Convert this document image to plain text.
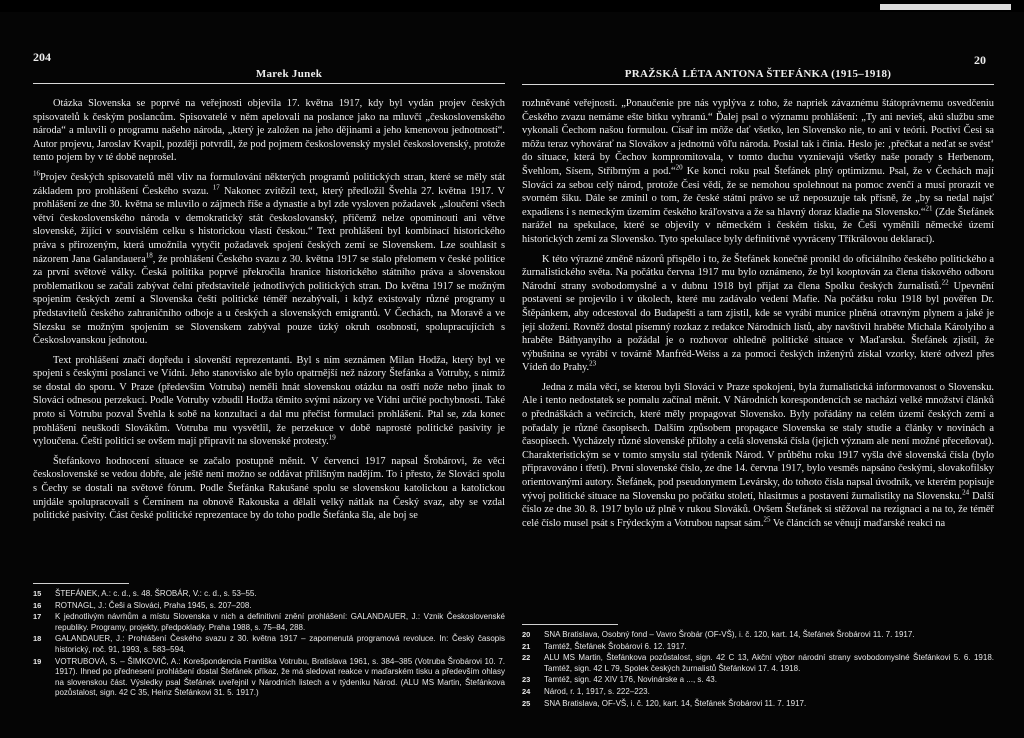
204
Marek Junek

Otázka Slovenska se poprvé na veřejnosti objevila 17. května 1917, kdy byl vydán projev českých spisovatelů k českým poslancům. Spisovatelé v něm apelovali na poslance jako na mluvčí „československého národa“ a mluvili o programu našeho národa, „který je založen na jeho dějinami a jeho kmenovou jednotností“. Autor projevu, Jaroslav Kvapil, později potvrdil, že pod pojmem československý myslel československý, protože tento pojem by v té době neprošel.

$^{16}$Projev českých spisovatelů měl vliv na formulování některých programů politických stran, které se měly stát základem pro prohlášení Českého svazu. $^{17}$ Nakonec zvítězil text, který předložil Švehla 27. května 1917. V prohlášení ze dne 30. května se mluvilo o zájmech říše a dynastie a byl zde vysloven požadavek „sloučení všech větví československého národa v demokratický stát českoslovanský, přičemž nelze opominouti ani větve slovenské, žijící v souvislém celku s historickou vlastí českou.“ Text prohlášení byl kombinací historického práva s přirozeným, která umožnila vytyčit požadavek spojení českých zemí se Slovenskem. Lze souhlasit s názorem Jana Galandauera$^{18}$, že prohlášení Českého svazu z 30. května 1917 se stalo přelomem v české politice za první světové války. Česká politika poprvé překročila hranice historického státního práva a slovenskou problematikou se začali zabývat čelní představitelé jednotlivých politických stran. Do května 1917 se možným spojením českých zemí a Slovenska čeští politické téměř nezabývali, i když existovaly různé programy u představitelů českého zahraničního odboje a u českých a slovenských emigrantů. V Čechách, na Moravě a ve Slezsku se možným spojením se Slovenskem zabýval pouze úzký okruh osobností, spolupracujících s Českoslovanskou jednotou.

Text prohlášení značí dopředu i slovenští reprezentanti. Byl s ním seznámen Milan Hodža, který byl ve spojení s českými poslanci ve Vídni. Jeho stanovisko ale bylo opatrnější než názory Štefánka a Votruby, s nimiž se dostal do sporu. V Praze (především Votruba) neměli hnát slovenskou otázku na ostří nože nebo jinak to Slováci odnesou perzekucí. Podle Votruby vzbudil Hodža těmito svými názory ve Vídni určité pochybnosti. Také proto si Votrubu pozval Švehla k sobě na konzultaci a dal mu přečíst formulaci prohlášení. Ptal se, zda konec prohlášení neuškodí Slovákům. Votruba mu vysvětlil, že perzekuce v době naprosté politické pasivity je vyloučena. Čeští politici se ovšem mají připravit na slovenské protesty.$^{19}$

Štefánkovo hodnocení situace se začalo postupně měnit. V červenci 1917 napsal Šrobárovi, že věci československé se vedou dobře, ale ještě není možno se oddávat přílišným nadějím. To i přesto, že Slováci spolu s Čechy se dostali na světové fórum. Podle Štefánka Rakušané spolu se slovenskou katolickou a katolickou unjdále spolupracovali s Černínem na obnově Rakouska a dělali velký nátlak na Český svaz, aby se vzdal politické pasivity. Část české politické reprezentace by do toho podle Štefánka šla, ale boj se

15	ŠTEFÁNEK, A.: c. d., s. 48. ŠROBÁR, V.: c. d., s. 53–55.
16	ROTNAGL, J.: Češi a Slováci, Praha 1945, s. 207–208.
17	K jednotlivým návrhům a místu Slovenska v nich a definitivní znění prohlášení: GALANDAUER, J.: Vznik Československé republiky. Programy, projekty, předpoklady. Praha 1988, s. 75–84, 288.
18	GALANDAUER, J.: Prohlášení Českého svazu z 30. května 1917 – zapomenutá programová revoluce. In: Český časopis historický, roč. 91, 1993, s. 583–594.
19	VOTRUBOVÁ, S. – ŠIMKOVIČ, A.: Korešpondencia Františka Votrubu, Bratislava 1961, s. 384–385 (Votruba Šrobárovi 10. 7. 1917). Ihned po přednesení prohlášení dostal Štefánek příkaz, že má sledovat reakce v maďarském tisku a především ohlasy na slovenskou část. Výsledky psal Štefánek uveřejnil v Národních listech a v týdeníku Národ. (ALU MS Martin, Štefánkova pozůstalost, sign. 42 C 35, Heinz Štefánkovi 31. 5. 1917.)
20
PRAŽSKÁ LÉTA ANTONA ŠTEFÁNKA (1915–1918)

rozhněvané veřejnosti. „Ponaučenie pre nás vyplýva z toho, že napriek závaznému štátoprávnemu osvedčeniu Českého zvazu nemáme ešte bitku vyhranú.“ Ďalej psal o významu prohlášení: „Ty ani nevieš, akú službu sme vykonali Čechom našou formulou. Císař im môže dať všetko, len Slovensko nie, to ani v teórii. Poctiví Česi sa môžu teraz vyhovárať na Slovákov a jednotnú vôľu národa. Posial tak i činia. Heslo je: ‚přečkat a neďat se svést‘ do situace, která by Čechov kompromitovala, v tomto duchu vyznievajú všetky naše porady s Herbenom, Švehlom, Sísem, Stříbrným a pod.“$^{20}$ Ke konci roku psal Štefánek plný optimizmu. Psal, že v Čechách mají Slováci za sebou celý národ, protože Česi vědí, že se nemohou spolehnout na pomoc zvenčí a musí prorazit ve svorném šiku. Dále se zmínil o tom, že české státní právo se už neposuzuje tak přísně, že „by sa nedal najsť expadiens i s nemeckým územím českého kráľovstva a že sa hlavný doraz kladie na Slovensko.“$^{21}$ (Zde Štefánek narážel na spekulace, které se objevily v německém i českém tisku, že Češi vyměnili německé území historických zemí za Slovensko. Tyto spekulace byly definitivně vyvráceny Tříkrálovou deklarací).

K této výrazné změně názorů přispělo i to, že Štefánek konečně pronikl do oficiálního českého politického a žurnalistického světa. Na počátku června 1917 mu bylo oznámeno, že byl kooptován za člena tiskového odboru Národní strany svobodomyslné a v dubnu 1918 byl přijat za člena Spolku českých žurnalistů.$^{22}$ Upevnění postavení se projevilo i v úkolech, které mu zadávalo vedení Mafie. Na počátku roku 1918 byl pověřen Dr. Štěpánkem, aby odcestoval do Budapešti a tam zjistil, kde se vyrábí munice plněná otravným plynem a jaké je její složení. Rovněž dostal písemný rozkaz z redakce Národních listů, aby navštívil hraběte Michala Károlyiho a hraběte Báthyanyiho a požádal je o rozhovor ohledně politické situace v Maďarsku. Štefánek zjistil, že výbušnina se vyrábí v továrně Manfréd-Weiss a za pomoci českých inženýrů získal vzorky, které odvezl přes Vídeň do Prahy.$^{23}$

Jedna z mála věcí, se kterou byli Slováci v Praze spokojeni, byla žurnalistická informovanost o Slovensku. Ale i tento nedostatek se pomalu začínal měnit. V Národních korespondencích se nachází velké množství článků o přednáškách a večírcích, které měly propagovat Slovensko. Byly pořádány na celém území českých zemí a pořadaly je různé časopisech. Dalším způsobem propagace Slovenska se staly studie a články v novinách a časopisech. Vycházely různé slovenské přílohy a celá slovenská čísla (jejich význam ale není možné přeceňovat). Charakteristickým se v tomto smyslu stal týdeník Národ. V průběhu roku 1917 vyšla dvě slovenská čísla (bylo připravováno i třetí). První slovenské číslo, ze dne 14. června 1917, bylo vesměs napsáno českými, slovakofilsky orientovanými autory. Štefánek, pod pseudonymem Levársky, do tohoto čísla napsal úvodník, ve kterém popisuje vývoj politické situace na Slovensku po počátku století, hlasitmus a postavení žurnalistiky na Slovensku.$^{24}$ Další číslo ze dne 30. 8. 1917 bylo už plně v rukou Slováků. Ovšem Štefánek si stěžoval na rezignaci a na to, že téměř celé číslo musel psát s Frýdeckým a Votrubou napsat sám.$^{25}$ Ve článcích se věnují maďarské reakci na

20	SNA Bratislava, Osobný fond – Vavro Šrobár (OF-VŠ), i. č. 120, kart. 14, Štefánek Šrobárovi 11. 7. 1917.
21	Tamtéž, Štefánek Šrobárovi 6. 12. 1917.
22	ALU MS Martin, Štefánkova pozůstalost, sign. 42 C 13, Akční výbor národní strany svobodomyslné Štefánkovi 5. 6. 1918. Tamtéž, sign. 42 L 79, Spolek českých žurnalistů Štefánkovi 17. 4. 1918.
23	Tamtéž, sign. 42 XIV 176, Novinárske a ..., s. 43.
24	Národ, r. 1, 1917, s. 222–223.
25	SNA Bratislava, OF-VŠ, i. č. 120, kart. 14, Štefánek Šrobárovi 11. 7. 1917.
